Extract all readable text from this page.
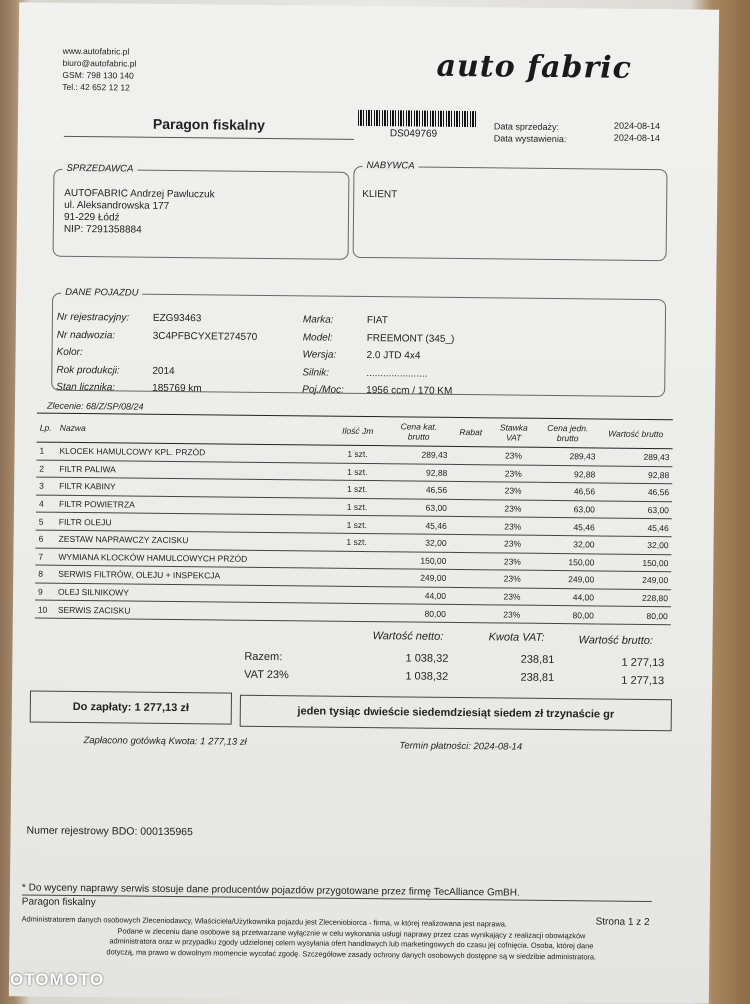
www.autofabric.pl
biuro@autofabric.pl
GSM: 798 130 140
Tel.: 42 652 12 12
auto fabric
Paragon fiskalny
DS049769
Data sprzedaży:	2024-08-14
Data wystawienia:	2024-08-14
SPRZEDAWCA
AUTOFABRIC Andrzej Pawluczuk
ul. Aleksandrowska 177
91-229 Łódź
NIP: 7291358884
NABYWCA
KLIENT
DANE POJAZDU
Nr rejestracyjny: EZG93463
Nr nadwozia:	3C4PFBCYXET274570
Kolor:
Rok produkcji:	2014
Stan licznika:	185769 km
Marka:	FIAT
Model:	FREEMONT (345_)
Wersja:	2.0 JTD 4x4
Silnik:	......................
Poj./Moc: 1956 ccm / 170 KM
Zlecenie: 68/Z/SP/08/24
Lp.	Nazwa	Ilość Jm	Cena kat. brutto	Rabat	Stawka VAT	Cena jedn. brutto	Wartość brutto
1	KLOCEK HAMULCOWY KPL. PRZÓD	1 szt.	289,43		23%	289,43	289,43
2	FILTR PALIWA	1 szt.	92,88		23%	92,88	92,88
3	FILTR KABINY	1 szt.	46,56		23%	46,56	46,56
4	FILTR POWIETRZA	1 szt.	63,00		23%	63,00	63,00
5	FILTR OLEJU	1 szt.	45,46		23%	45,46	45,46
6	ZESTAW NAPRAWCZY ZACISKU	1 szt.	32,00		23%	32,00	32,00
7	WYMIANA KLOCKÓW HAMULCOWYCH PRZÓD		150,00		23%	150,00	150,00
8	SERWIS FILTRÓW, OLEJU + INSPEKCJA		249,00		23%	249,00	249,00
9	OLEJ SILNIKOWY		44,00		23%	44,00	228,80
10	SERWIS ZACISKU		80,00		23%	80,00	80,00
Wartość netto:	Kwota VAT:	Wartość brutto:
Razem:	1 038,32	238,81	1 277,13
VAT 23%	1 038,32	238,81	1 277,13
Do zapłaty: 1 277,13 zł	jeden tysiąc dwieście siedemdziesiąt siedem zł trzynaście gr
Zapłacono gotówką Kwota: 1 277,13 zł	Termin płatności: 2024-08-14
Numer rejestrowy BDO: 000135965
* Do wyceny naprawy serwis stosuje dane producentów pojazdów przygotowane przez firmę TecAlliance GmBH.
Paragon fiskalny
Strona 1 z 2
Administratorem danych osobowych Zleceniodawcy, Właściciela/Użytkownika pojazdu jest Zleceniobiorca - firma, w której realizowana jest naprawa.
Podane w zleceniu dane osobowe są przetwarzane wyłącznie w celu wykonania usługi naprawy przez czas wynikający z realizacji obowiązków
administratora oraz w przypadku zgody udzielonej celem wysyłania ofert handlowych lub marketingowych do czasu jej cofnięcia. Osoba, której dane
dotyczą, ma prawo w dowolnym momencie wycofać zgodę. Szczegółowe zasady ochrony danych osobowych dostępne są w siedzibie administratora.
OTOMOTO
